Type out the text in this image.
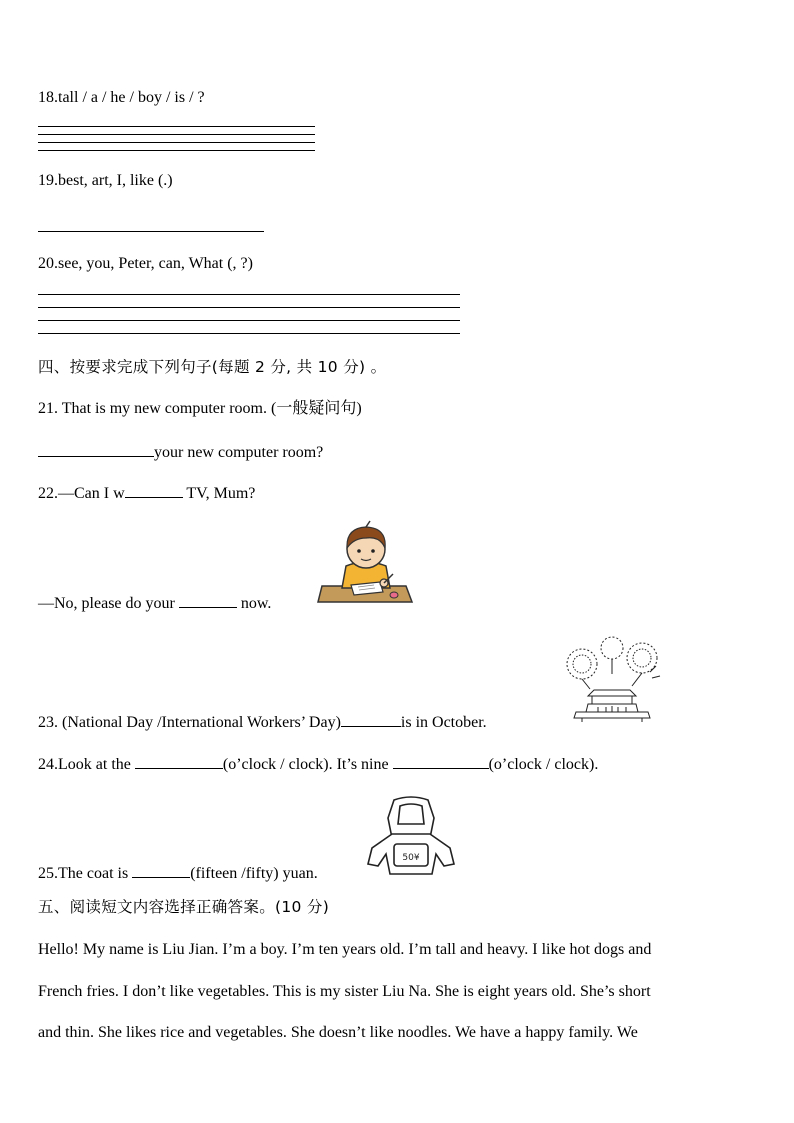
18.tall / a / he / boy / is / ?
19.best, art, I, like (.)
20.see, you, Peter, can, What (, ?)
四、按要求完成下列句子(每题 2 分, 共 10 分) 。
21. That is my new computer room. (一般疑问句)
your new computer room?
22.—Can I w	TV, Mum?
—No, please do your	now.
23. (National Day /International Workers’ Day)	is in October.
24.Look at the	(o’clock / clock). It’s nine	(o’clock / clock).
50¥
25.The coat is	(fifteen /fifty) yuan.
五、阅读短文内容选择正确答案。(10 分)
Hello! My name is Liu Jian. I’m a boy. I’m ten years old. I’m tall and heavy. I like hot dogs and
French fries. I don’t like vegetables. This is my sister Liu Na. She is eight years old. She’s short
and thin. She likes rice and vegetables. She doesn’t like noodles. We have a happy family. We
